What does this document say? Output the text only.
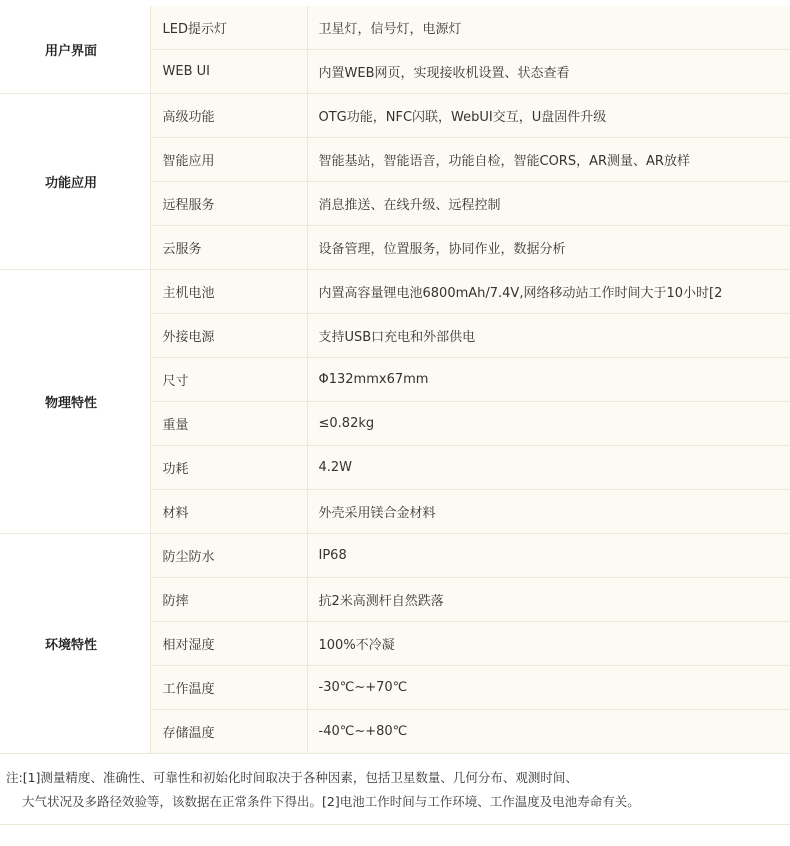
用户界面	LED提示灯	卫星灯，信号灯，电源灯
	WEB UI	内置WEB网页，实现接收机设置、状态查看
功能应用	高级功能	OTG功能，NFC闪联，WebUI交互，U盘固件升级
	智能应用	智能基站，智能语音，功能自检，智能CORS，AR测量、AR放样
	远程服务	消息推送、在线升级、远程控制
	云服务	设备管理，位置服务，协同作业，数据分析
物理特性	主机电池	内置高容量锂电池6800mAh/7.4V,网络移动站工作时间大于10小时[2
	外接电源	支持USB口充电和外部供电
	尺寸	Φ132mmx67mm
	重量	≤0.82kg
	功耗	4.2W
	材料	外壳采用镁合金材料
环境特性	防尘防水	IP68
	防摔	抗2米高测杆自然跌落
	相对湿度	100%不冷凝
	工作温度	-30℃~+70℃
	存储温度	-40℃~+80℃
注:[1]测量精度、准确性、可靠性和初始化时间取决于各种因素，包括卫星数量、几何分布、观测时间、
大气状况及多路径效验等，该数据在正常条件下得出。[2]电池工作时间与工作环境、工作温度及电池寿命有关。
